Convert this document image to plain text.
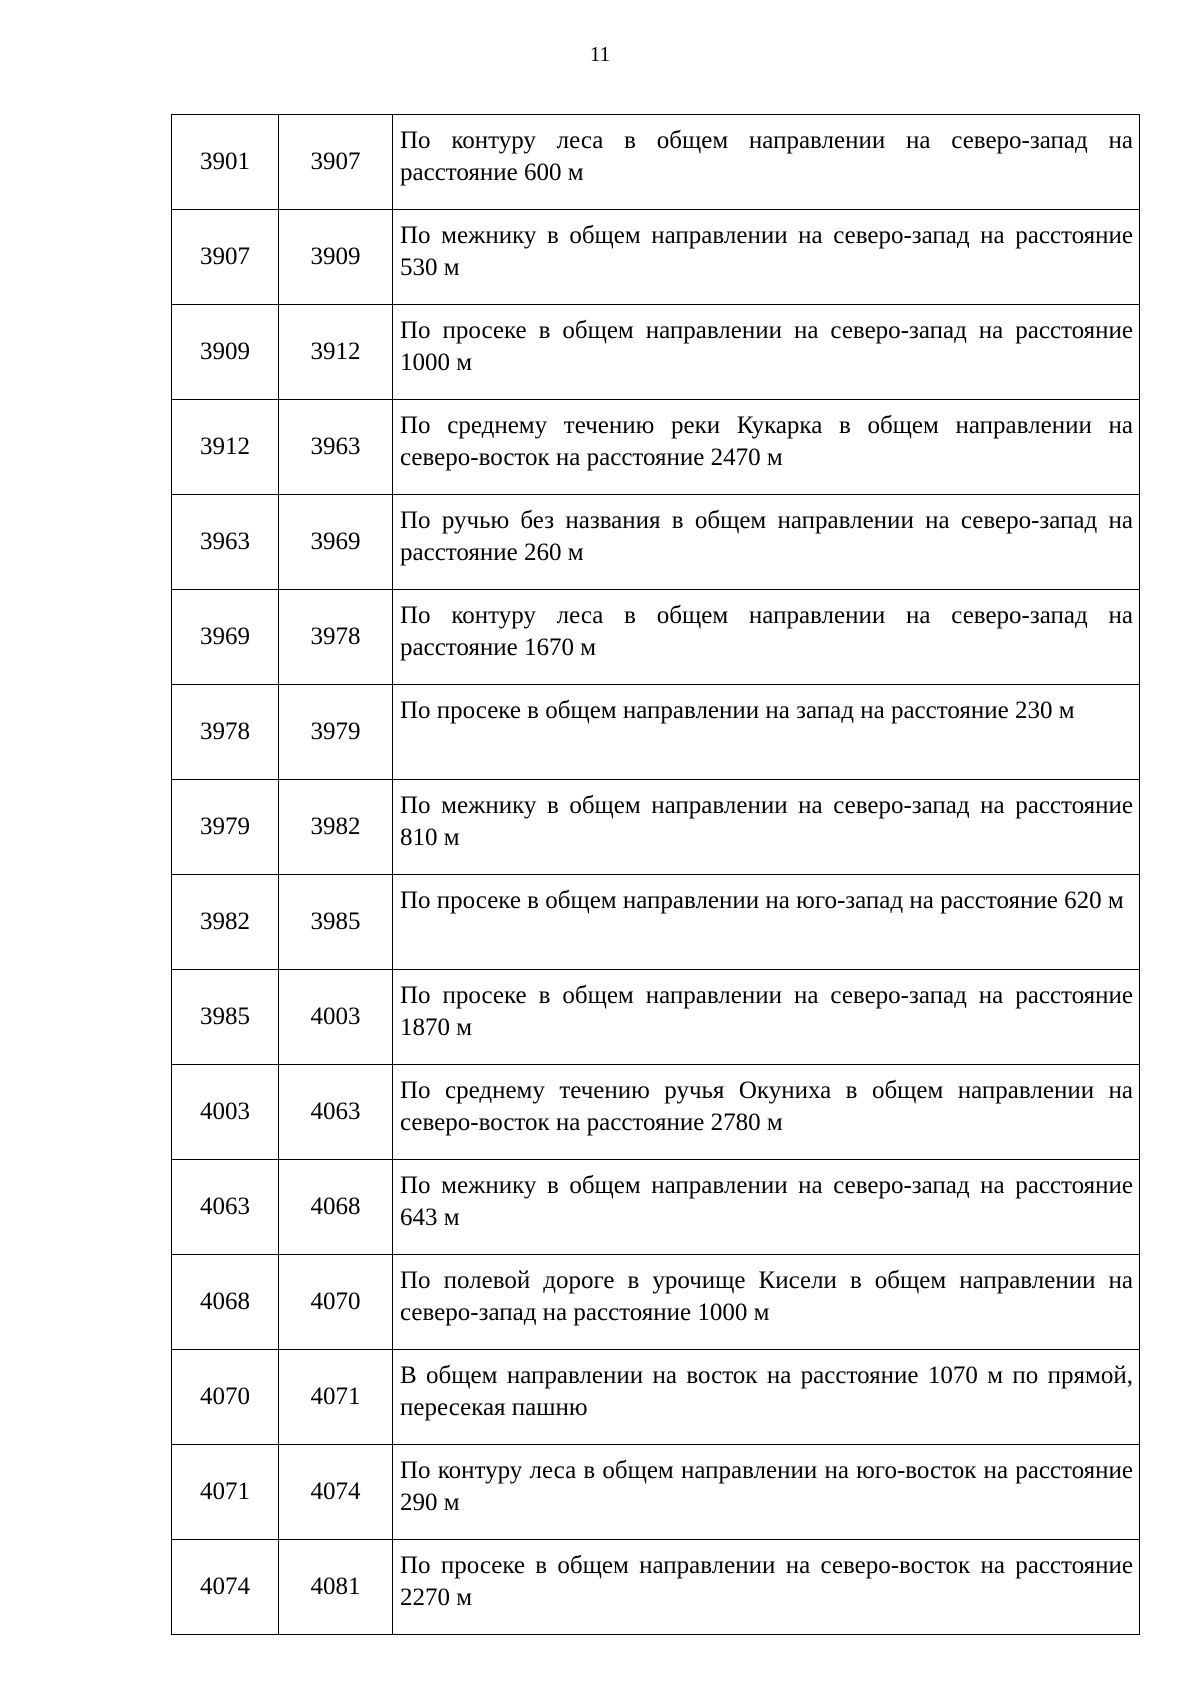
11
3901	3907	По контуру леса в общем направлении на северо-запад на расстояние 600 м
3907	3909	По межнику в общем направлении на северо-запад на расстояние 530 м
3909	3912	По просеке в общем направлении на северо-запад на расстояние 1000 м
3912	3963	По среднему течению реки Кукарка в общем направлении на северо-восток на расстояние 2470 м
3963	3969	По ручью без названия в общем направлении на северо-запад на расстояние 260 м
3969	3978	По контуру леса в общем направлении на северо-запад на расстояние 1670 м
3978	3979	По просеке в общем направлении на запад на расстояние 230 м
3979	3982	По межнику в общем направлении на северо-запад на расстояние 810 м
3982	3985	По просеке в общем направлении на юго-запад на расстояние 620 м
3985	4003	По просеке в общем направлении на северо-запад на расстояние 1870 м
4003	4063	По среднему течению ручья Окуниха в общем направлении на северо-восток на расстояние 2780 м
4063	4068	По межнику в общем направлении на северо-запад на расстояние 643 м
4068	4070	По полевой дороге в урочище Кисели в общем направлении на северо-запад на расстояние 1000 м
4070	4071	В общем направлении на восток на расстояние 1070 м по прямой, пересекая пашню
4071	4074	По контуру леса в общем направлении на юго-восток на расстояние 290 м
4074	4081	По просеке в общем направлении на северо-восток на расстояние 2270 м
